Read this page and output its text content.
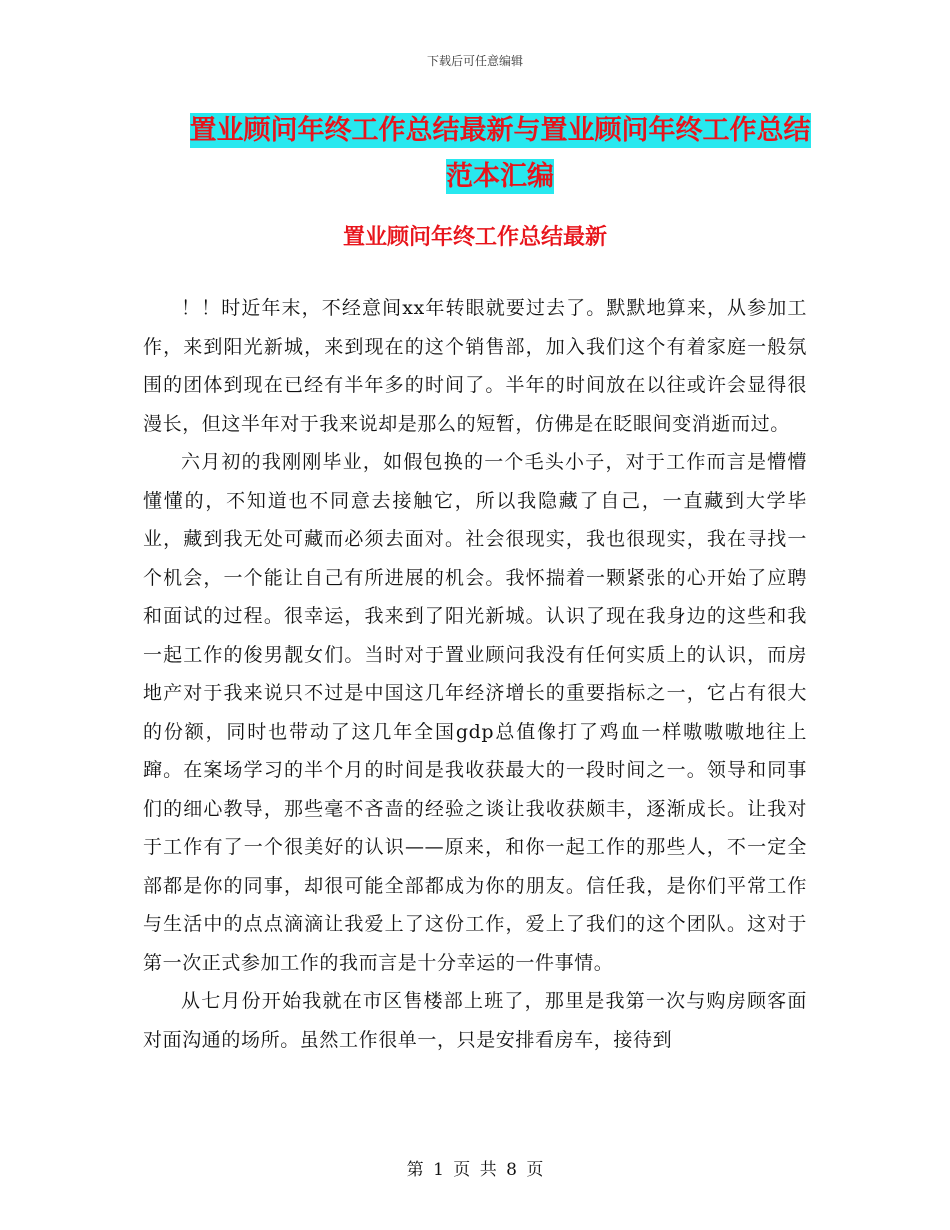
下载后可任意编辑
置业顾问年终工作总结最新与置业顾问年终工作总结
范本汇编
置业顾问年终工作总结最新

！！时近年末，不经意间xx年转眼就要过去了。默默地算来，从参加工作，来到阳光新城，来到现在的这个销售部，加入我们这个有着家庭一般氛围的团体到现在已经有半年多的时间了。半年的时间放在以往或许会显得很漫长，但这半年对于我来说却是那么的短暂，仿佛是在眨眼间变消逝而过。

六月初的我刚刚毕业，如假包换的一个毛头小子，对于工作而言是懵懵懂懂的，不知道也不同意去接触它，所以我隐藏了自己，一直藏到大学毕业，藏到我无处可藏而必须去面对。社会很现实，我也很现实，我在寻找一个机会，一个能让自己有所进展的机会。我怀揣着一颗紧张的心开始了应聘和面试的过程。很幸运，我来到了阳光新城。认识了现在我身边的这些和我一起工作的俊男靓女们。当时对于置业顾问我没有任何实质上的认识，而房地产对于我来说只不过是中国这几年经济增长的重要指标之一，它占有很大的份额，同时也带动了这几年全国gdp总值像打了鸡血一样嗷嗷嗷地往上蹿。在案场学习的半个月的时间是我收获最大的一段时间之一。领导和同事们的细心教导，那些毫不吝啬的经验之谈让我收获颇丰，逐渐成长。让我对于工作有了一个很美好的认识——原来，和你一起工作的那些人，不一定全部都是你的同事，却很可能全部都成为你的朋友。信任我，是你们平常工作与生活中的点点滴滴让我爱上了这份工作，爱上了我们的这个团队。这对于第一次正式参加工作的我而言是十分幸运的一件事情。

从七月份开始我就在市区售楼部上班了，那里是我第一次与购房顾客面对面沟通的场所。虽然工作很单一，只是安排看房车，接待到

第 1 页 共 8 页
